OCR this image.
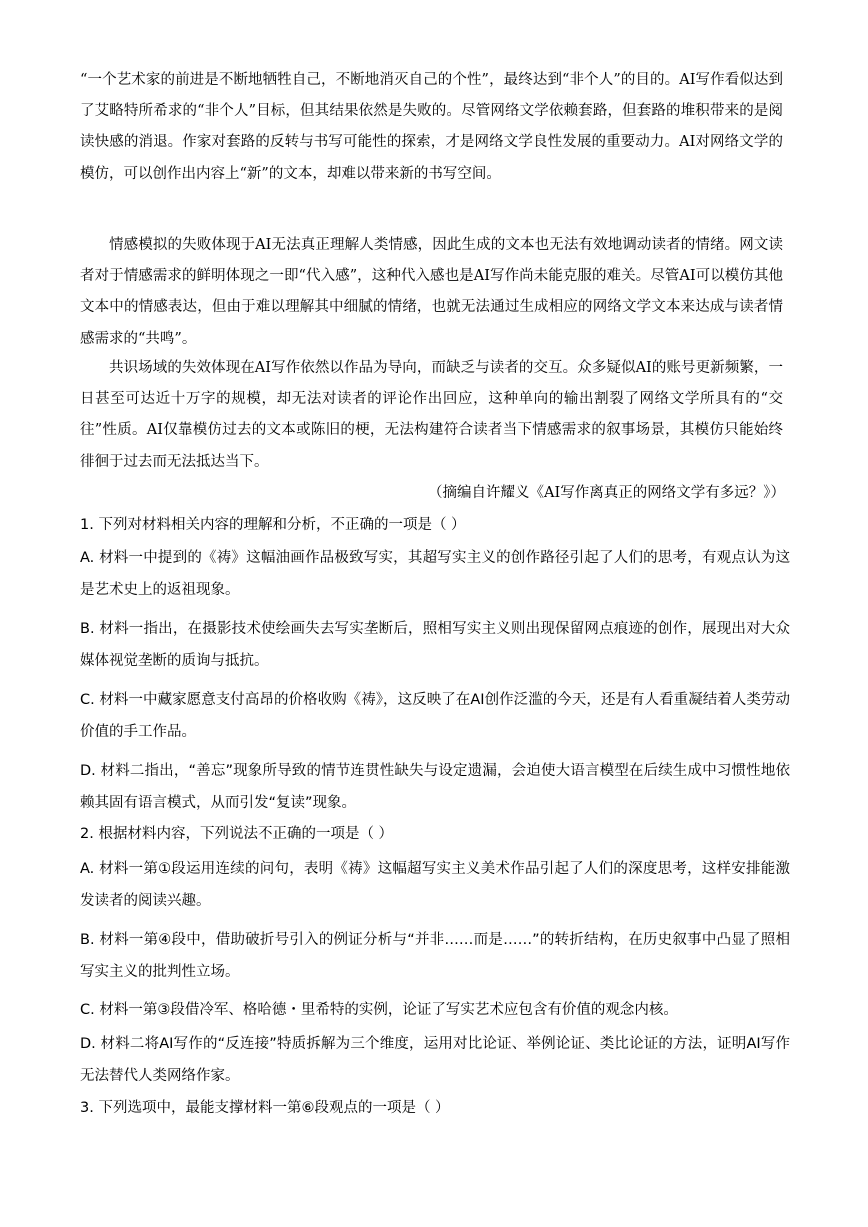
“一个艺术家的前进是不断地牺牲自己，不断地消灭自己的个性”，最终达到“非个人”的目的。AI写作看似达到了艾略特所希求的“非个人”目标，但其结果依然是失败的。尽管网络文学依赖套路，但套路的堆积带来的是阅读快感的消退。作家对套路的反转与书写可能性的探索，才是网络文学良性发展的重要动力。AI对网络文学的模仿，可以创作出内容上“新”的文本，却难以带来新的书写空间。

情感模拟的失败体现于AI无法真正理解人类情感，因此生成的文本也无法有效地调动读者的情绪。网文读者对于情感需求的鲜明体现之一即“代入感”，这种代入感也是AI写作尚未能克服的难关。尽管AI可以模仿其他文本中的情感表达，但由于难以理解其中细腻的情绪，也就无法通过生成相应的网络文学文本来达成与读者情感需求的“共鸣”。

共识场域的失效体现在AI写作依然以作品为导向，而缺乏与读者的交互。众多疑似AI的账号更新频繁，一日甚至可达近十万字的规模，却无法对读者的评论作出回应，这种单向的输出割裂了网络文学所具有的“交往”性质。AI仅靠模仿过去的文本或陈旧的梗，无法构建符合读者当下情感需求的叙事场景，其模仿只能始终徘徊于过去而无法抵达当下。

（摘编自许耀义《AI写作离真正的网络文学有多远？》）

1. 下列对材料相关内容的理解和分析，不正确的一项是（ ）

A. 材料一中提到的《祷》这幅油画作品极致写实，其超写实主义的创作路径引起了人们的思考，有观点认为这是艺术史上的返祖现象。

B. 材料一指出，在摄影技术使绘画失去写实垄断后，照相写实主义则出现保留网点痕迹的创作，展现出对大众媒体视觉垄断的质询与抵抗。

C. 材料一中藏家愿意支付高昂的价格收购《祷》，这反映了在AI创作泛滥的今天，还是有人看重凝结着人类劳动价值的手工作品。

D. 材料二指出，“善忘”现象所导致的情节连贯性缺失与设定遗漏，会迫使大语言模型在后续生成中习惯性地依赖其固有语言模式，从而引发“复读”现象。

2. 根据材料内容，下列说法不正确的一项是（ ）

A. 材料一第①段运用连续的问句，表明《祷》这幅超写实主义美术作品引起了人们的深度思考，这样安排能激发读者的阅读兴趣。

B. 材料一第④段中，借助破折号引入的例证分析与“并非……而是……”的转折结构，在历史叙事中凸显了照相写实主义的批判性立场。

C. 材料一第③段借冷军、格哈德・里希特的实例，论证了写实艺术应包含有价值的观念内核。

D. 材料二将AI写作的“反连接”特质拆解为三个维度，运用对比论证、举例论证、类比论证的方法，证明AI写作无法替代人类网络作家。

3. 下列选项中，最能支撑材料一第⑥段观点的一项是（ ）
